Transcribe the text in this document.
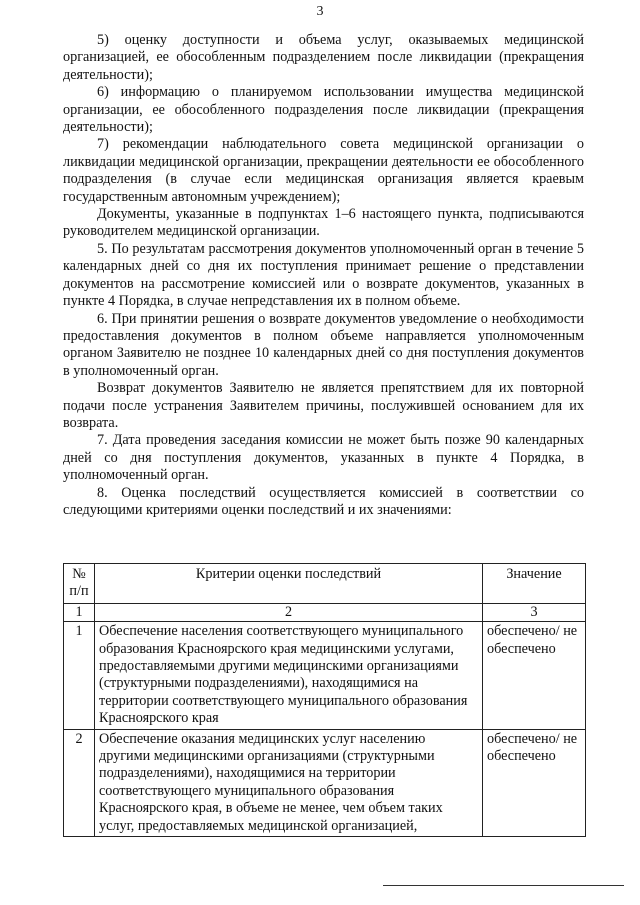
3

5) оценку доступности и объема услуг, оказываемых медицинской организацией, ее обособленным подразделением после ликвидации (прекращения деятельности);

6) информацию о планируемом использовании имущества медицинской организации, ее обособленного подразделения после ликвидации (прекращения деятельности);

7) рекомендации наблюдательного совета медицинской организации о ликвидации медицинской организации, прекращении деятельности ее обособленного подразделения (в случае если медицинская организация является краевым государственным автономным учреждением);

Документы, указанные в подпунктах 1–6 настоящего пункта, подписываются руководителем медицинской организации.

5. По результатам рассмотрения документов уполномоченный орган в течение 5 календарных дней со дня их поступления принимает решение о представлении документов на рассмотрение комиссией или о возврате документов, указанных в пункте 4 Порядка, в случае непредставления их в полном объеме.

6. При принятии решения о возврате документов уведомление о необходимости предоставления документов в полном объеме направляется уполномоченным органом Заявителю не позднее 10 календарных дней со дня поступления документов в уполномоченный орган.

Возврат документов Заявителю не является препятствием для их повторной подачи после устранения Заявителем причины, послужившей основанием для их возврата.

7. Дата проведения заседания комиссии не может быть позже 90 календарных дней со дня поступления документов, указанных в пункте 4 Порядка, в уполномоченный орган.

8. Оценка последствий осуществляется комиссией в соответствии со следующими критериями оценки последствий и их значениями:

№ п/п	Критерии оценки последствий	Значение
1	2	3
1	Обеспечение населения соответствующего муниципального образования Красноярского края медицинскими услугами, предоставляемыми другими медицинскими организациями (структурными подразделениями), находящимися на территории соответствующего муниципального образования Красноярского края	обеспечено/ не обеспечено
2	Обеспечение оказания медицинских услуг населению другими медицинскими организациями (структурными подразделениями), находящимися на территории соответствующего муниципального образования Красноярского края, в объеме не менее, чем объем таких услуг, предоставляемых медицинской организацией,	обеспечено/ не обеспечено
